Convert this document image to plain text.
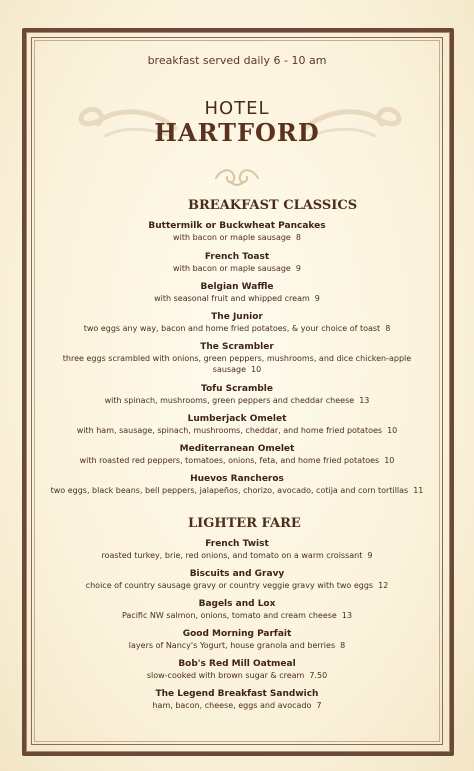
breakfast served daily 6 - 10 am
HOTEL
HARTFORD
BREAKFAST CLASSICS
Buttermilk or Buckwheat Pancakes
with bacon or maple sausage 8
French Toast
with bacon or maple sausage 9
Belgian Waffle
with seasonal fruit and whipped cream 9
The Junior
two eggs any way, bacon and home fried potatoes, & your choice of toast 8
The Scrambler
three eggs scrambled with onions, green peppers, mushrooms, and dice chicken-apple
sausage 10
Tofu Scramble
with spinach, mushrooms, green peppers and cheddar cheese 13
Lumberjack Omelet
with ham, sausage, spinach, mushrooms, cheddar, and home fried potatoes 10
Mediterranean Omelet
with roasted red peppers, tomatoes, onions, feta, and home fried potatoes 10
Huevos Rancheros
two eggs, black beans, bell peppers, jalapeños, chorizo, avocado, cotija and corn tortillas 11
LIGHTER FARE
French Twist
roasted turkey, brie, red onions, and tomato on a warm croissant 9
Biscuits and Gravy
choice of country sausage gravy or country veggie gravy with two eggs 12
Bagels and Lox
Pacific NW salmon, onions, tomato and cream cheese 13
Good Morning Parfait
layers of Nancy's Yogurt, house granola and berries 8
Bob's Red Mill Oatmeal
slow-cooked with brown sugar & cream 7.50
The Legend Breakfast Sandwich
ham, bacon, cheese, eggs and avocado 7
